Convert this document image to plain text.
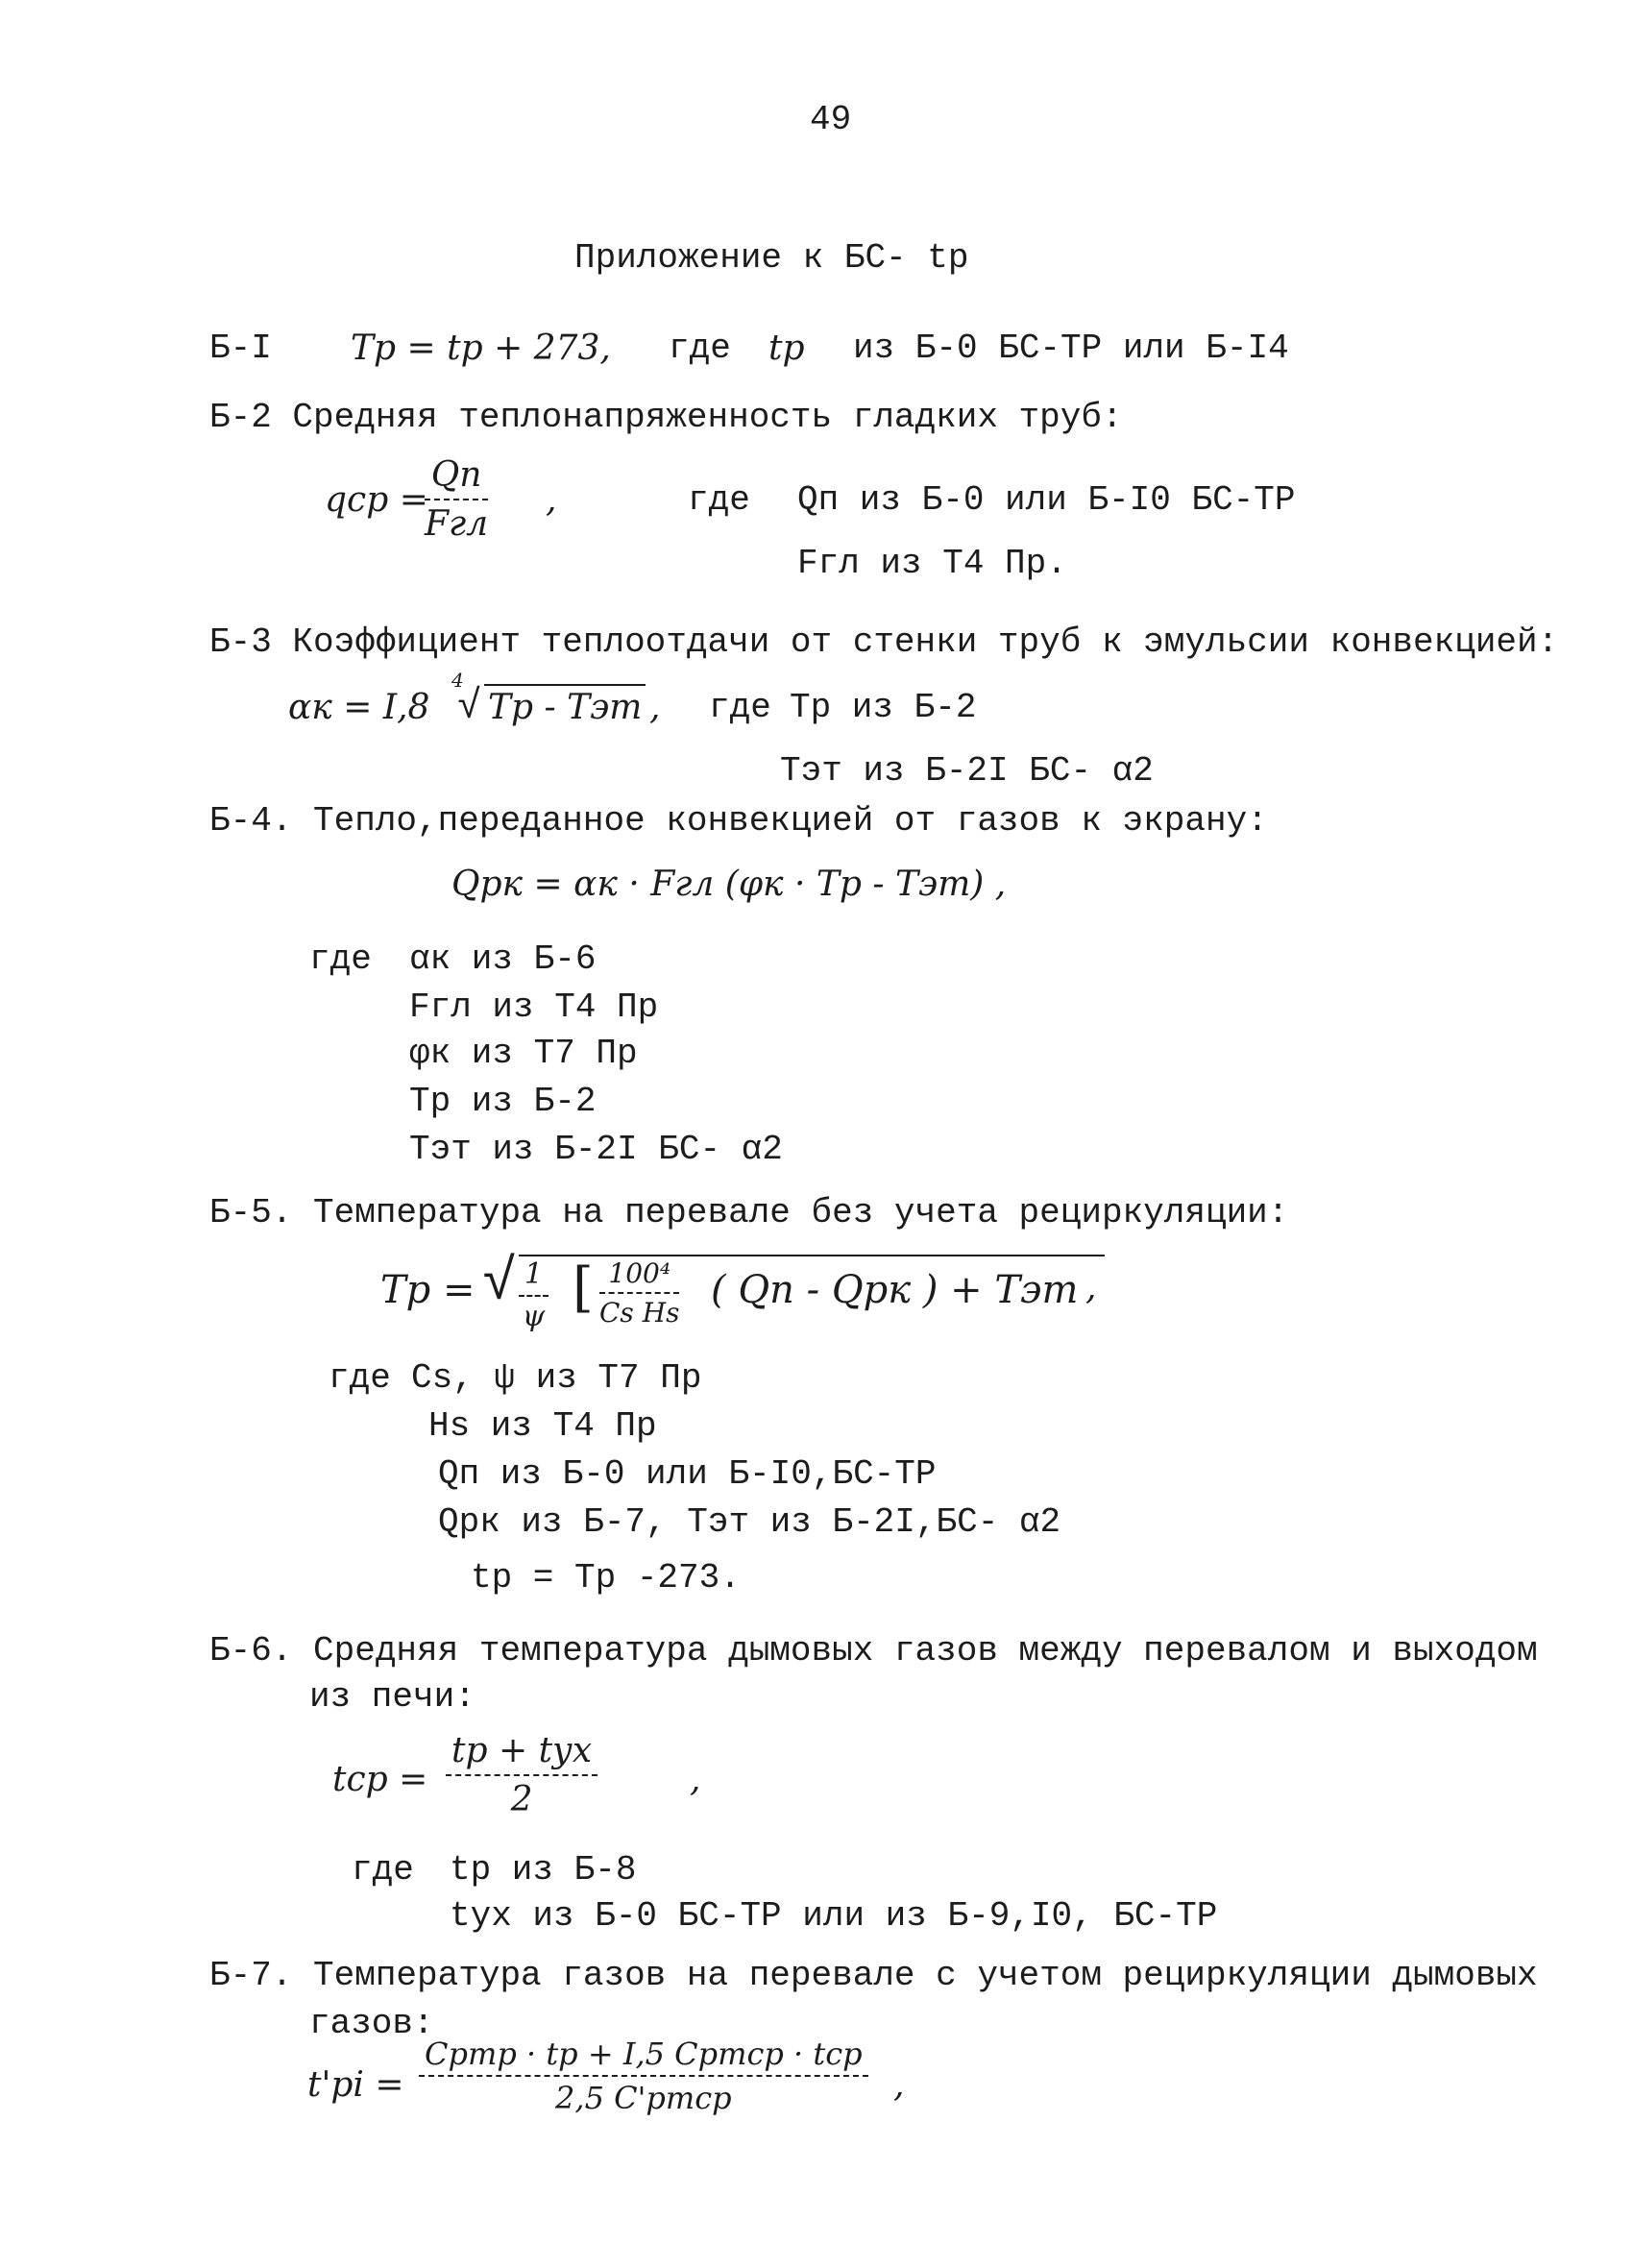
49
Приложение к БС- tр
Б-I Тр = tр + 273, где tр из Б-0 БС-ТР или Б-I4
Б-2 Средняя теплонапряженность гладких труб:
qср =
Qп
Fгл
,	где Qп из Б-0 или Б-I0 БС-ТР
Fгл из Т4 Пр.
Б-3 Коэффициент теплоотдачи от стенки труб к эмульсии конвекцией:
αк = I,8
4
√ Тр - Тэт , где Тр из Б-2
Тэт из Б-2I БС- α2
Б-4. Тепло,переданное конвекцией от газов к экрану:
Qрк = αк · Fгл (φк · Тр - Тэт) ,
где αк из Б-6
Fгл из Т4 Пр
φк из Т7 Пр
Тр из Б-2
Тэт из Б-2I БС- α2
Б-5. Температура на перевале без учета рециркуляции:
Тр = √ $\frac{1}{\psi}$ [ $\frac{\text{100⁴}}{\text{Cs Hs}}$ ( Qп - Qрк ) + Тэт ,
где Cs, ψ из Т7 Пр
Hs из Т4 Пр
Qп из Б-0 или Б-I0,БС-ТР
Qрк из Б-7, Тэт из Б-2I,БС- α2
tр = Тр -273.
Б-6. Средняя температура дымовых газов между перевалом и выходом
из печи:
tср =
tр + tух
2
,
где tр из Б-8
tух из Б-0 БС-ТР или из Б-9,I0, БС-ТР
Б-7. Температура газов на перевале с учетом рециркуляции дымовых
газов:
t'рі =
Срmр · tр + I,5 Срmср · tср
2,5 C'рmср	,
